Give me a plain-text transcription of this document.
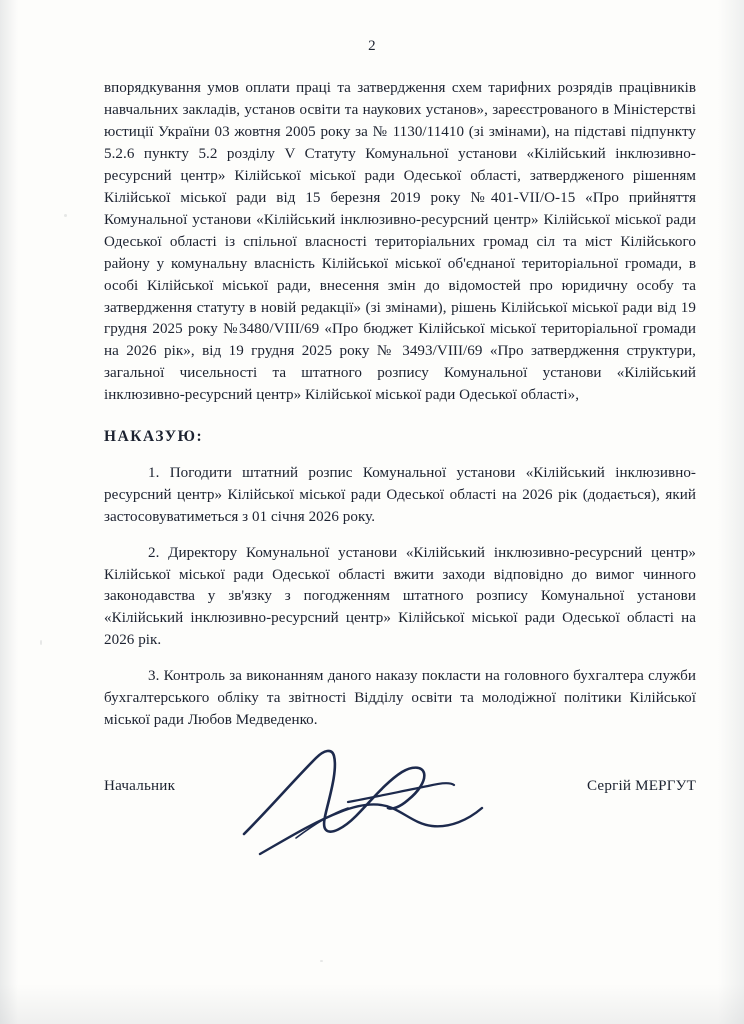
2

впорядкування умов оплати праці та затвердження схем тарифних розрядів працівників навчальних закладів, установ освіти та наукових установ», зареєстрованого в Міністерстві юстиції України 03 жовтня 2005 року за № 1130/11410 (зі змінами), на підставі підпункту 5.2.6 пункту 5.2 розділу V Статуту Комунальної установи «Кілійський інклюзивно-ресурсний центр» Кілійської міської ради Одеської області, затвердженого рішенням Кілійської міської ради від 15 березня 2019 року №401-VII/О-15 «Про прийняття Комунальної установи «Кілійський інклюзивно-ресурсний центр» Кілійської міської ради Одеської області із спільної власності територіальних громад сіл та міст Кілійського району у комунальну власність Кілійської міської об'єднаної територіальної громади, в особі Кілійської міської ради, внесення змін до відомостей про юридичну особу та затвердження статуту в новій редакції» (зі змінами), рішень Кілійської міської ради від 19 грудня 2025 року №3480/VIII/69 «Про бюджет Кілійської міської територіальної громади на 2026 рік», від 19 грудня 2025 року № 3493/VIII/69 «Про затвердження структури, загальної чисельності та штатного розпису Комунальної установи «Кілійський інклюзивно-ресурсний центр» Кілійської міської ради Одеської області»,

НАКАЗУЮ:

1. Погодити штатний розпис Комунальної установи «Кілійський інклюзивно-ресурсний центр» Кілійської міської ради Одеської області на 2026 рік (додається), який застосовуватиметься з 01 січня 2026 року.

2. Директору Комунальної установи «Кілійський інклюзивно-ресурсний центр» Кілійської міської ради Одеської області вжити заходи відповідно до вимог чинного законодавства у зв'язку з погодженням штатного розпису Комунальної установи «Кілійський інклюзивно-ресурсний центр» Кілійської міської ради Одеської області на 2026 рік.

3. Контроль за виконанням даного наказу покласти на головного бухгалтера служби бухгалтерського обліку та звітності Відділу освіти та молодіжної політики Кілійської міської ради Любов Медведенко.

Начальник	Сергій МЕРГУТ
